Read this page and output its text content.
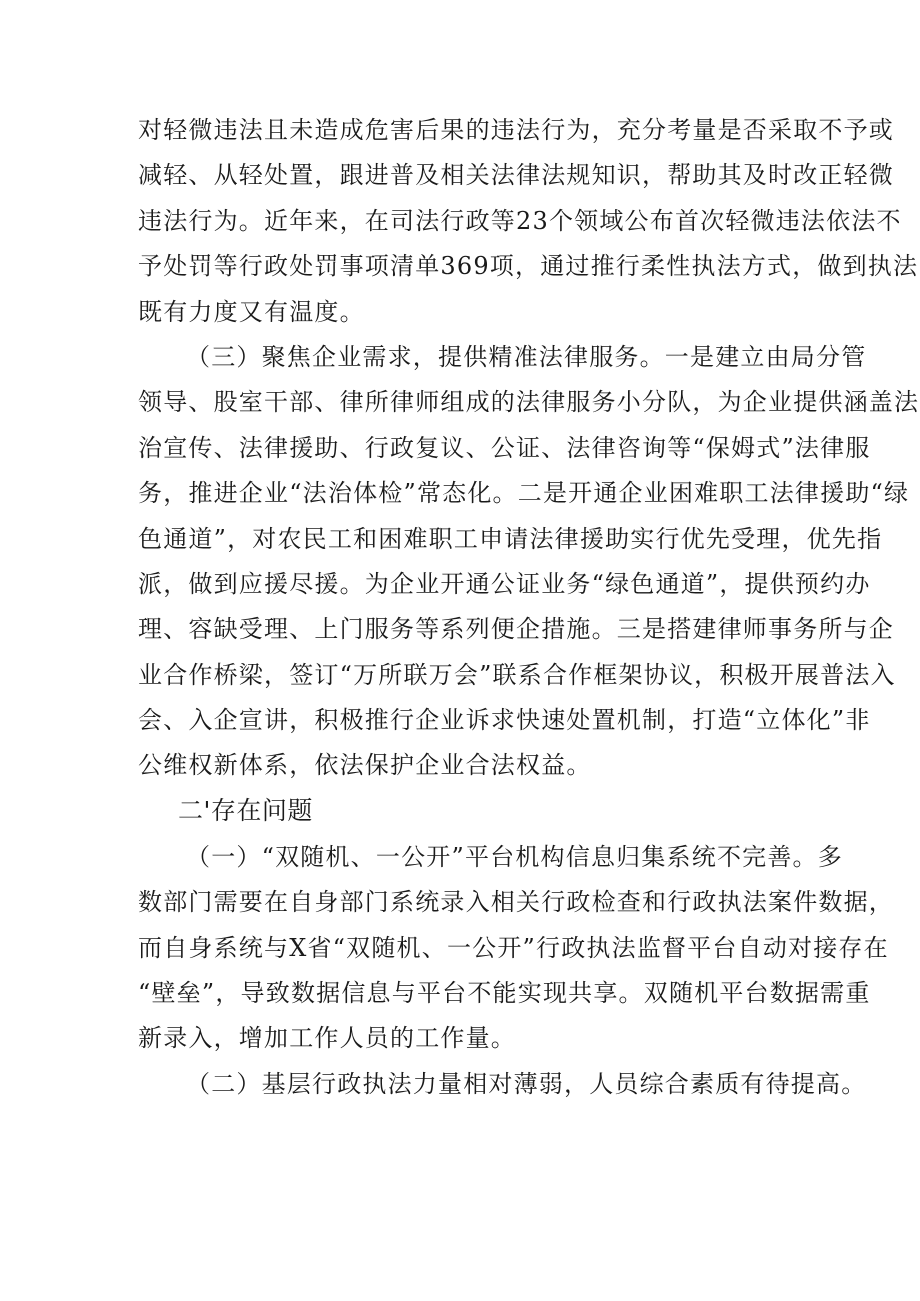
对轻微违法且未造成危害后果的违法行为，充分考量是否采取不予或
减轻、从轻处置，跟进普及相关法律法规知识，帮助其及时改正轻微
违法行为。近年来，在司法行政等23个领域公布首次轻微违法依法不
予处罚等行政处罚事项清单369项，通过推行柔性执法方式，做到执法
既有力度又有温度。
（三）聚焦企业需求，提供精准法律服务。一是建立由局分管
领导、股室干部、律所律师组成的法律服务小分队，为企业提供涵盖法
治宣传、法律援助、行政复议、公证、法律咨询等“保姆式”法律服
务，推进企业“法治体检”常态化。二是开通企业困难职工法律援助“绿
色通道”，对农民工和困难职工申请法律援助实行优先受理，优先指
派，做到应援尽援。为企业开通公证业务“绿色通道”，提供预约办
理、容缺受理、上门服务等系列便企措施。三是搭建律师事务所与企
业合作桥梁，签订“万所联万会”联系合作框架协议，积极开展普法入
会、入企宣讲，积极推行企业诉求快速处置机制，打造“立体化”非
公维权新体系，依法保护企业合法权益。
二'存在问题
（一）“双随机、一公开”平台机构信息归集系统不完善。多
数部门需要在自身部门系统录入相关行政检查和行政执法案件数据，
而自身系统与X省“双随机、一公开”行政执法监督平台自动对接存在
“壁垒”，导致数据信息与平台不能实现共享。双随机平台数据需重
新录入，增加工作人员的工作量。
（二）基层行政执法力量相对薄弱，人员综合素质有待提高。
